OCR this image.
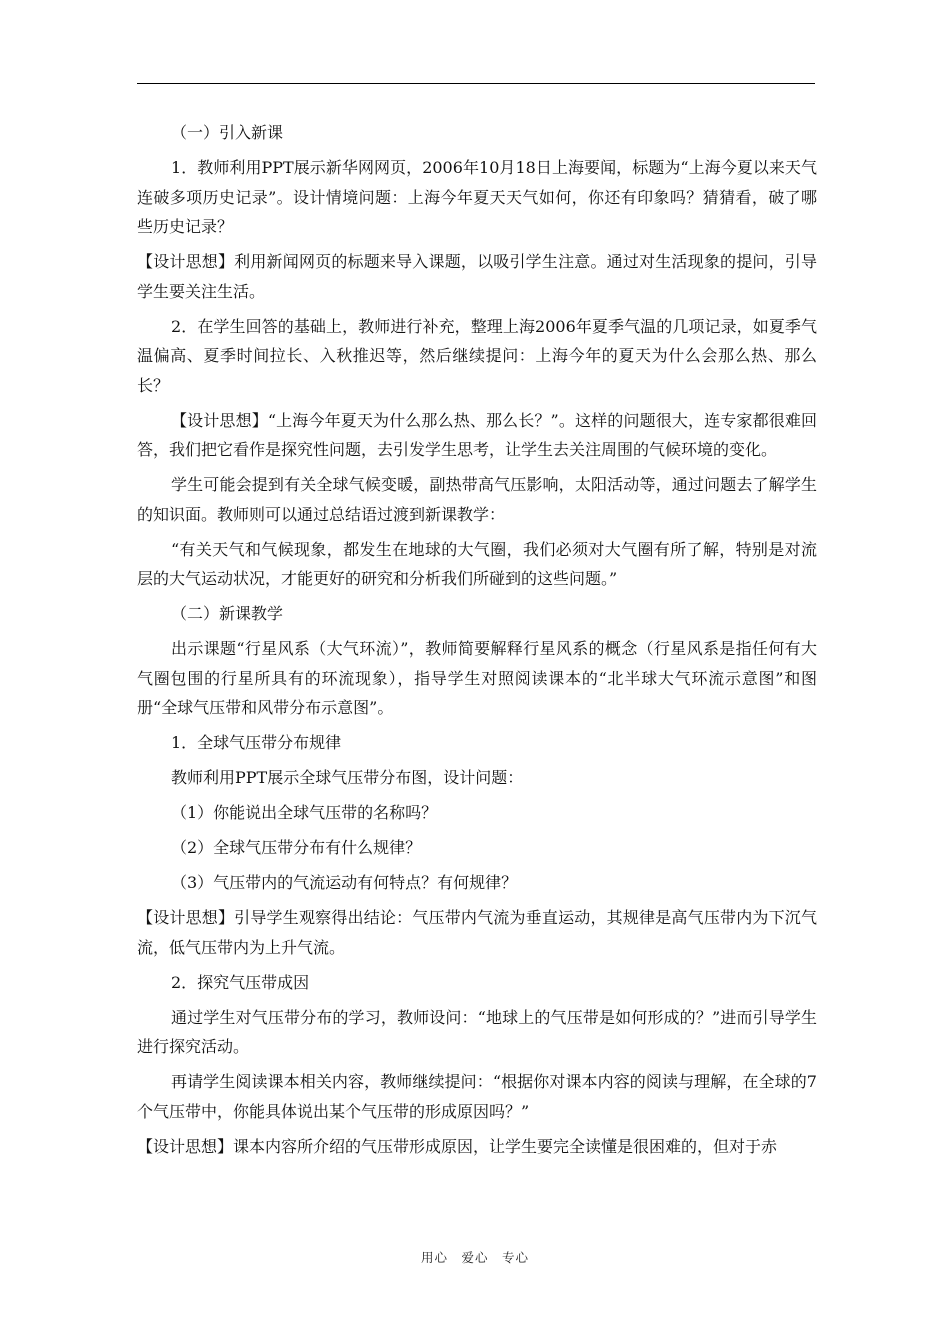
（一）引入新课

1．教师利用PPT展示新华网网页，2006年10月18日上海要闻，标题为“上海今夏以来天气连破多项历史记录”。设计情境问题：上海今年夏天天气如何，你还有印象吗？猜猜看，破了哪些历史记录？

【设计思想】利用新闻网页的标题来导入课题，以吸引学生注意。通过对生活现象的提问，引导学生要关注生活。

2．在学生回答的基础上，教师进行补充，整理上海2006年夏季气温的几项记录，如夏季气温偏高、夏季时间拉长、入秋推迟等，然后继续提问：上海今年的夏天为什么会那么热、那么长？

【设计思想】“上海今年夏天为什么那么热、那么长？”。这样的问题很大，连专家都很难回答，我们把它看作是探究性问题，去引发学生思考，让学生去关注周围的气候环境的变化。

学生可能会提到有关全球气候变暖，副热带高气压影响，太阳活动等，通过问题去了解学生的知识面。教师则可以通过总结语过渡到新课教学：

“有关天气和气候现象，都发生在地球的大气圈，我们必须对大气圈有所了解，特别是对流层的大气运动状况，才能更好的研究和分析我们所碰到的这些问题。”

（二）新课教学

出示课题“行星风系（大气环流）”，教师简要解释行星风系的概念（行星风系是指任何有大气圈包围的行星所具有的环流现象），指导学生对照阅读课本的“北半球大气环流示意图”和图册“全球气压带和风带分布示意图”。

1．全球气压带分布规律

教师利用PPT展示全球气压带分布图，设计问题：

（1）你能说出全球气压带的名称吗？

（2）全球气压带分布有什么规律？

（3）气压带内的气流运动有何特点？有何规律？

【设计思想】引导学生观察得出结论：气压带内气流为垂直运动，其规律是高气压带内为下沉气流，低气压带内为上升气流。

2．探究气压带成因

通过学生对气压带分布的学习，教师设问：“地球上的气压带是如何形成的？”进而引导学生进行探究活动。

再请学生阅读课本相关内容，教师继续提问：“根据你对课本内容的阅读与理解，在全球的7个气压带中，你能具体说出某个气压带的形成原因吗？”

【设计思想】课本内容所介绍的气压带形成原因，让学生要完全读懂是很困难的，但对于赤

用心　爱心　专心
